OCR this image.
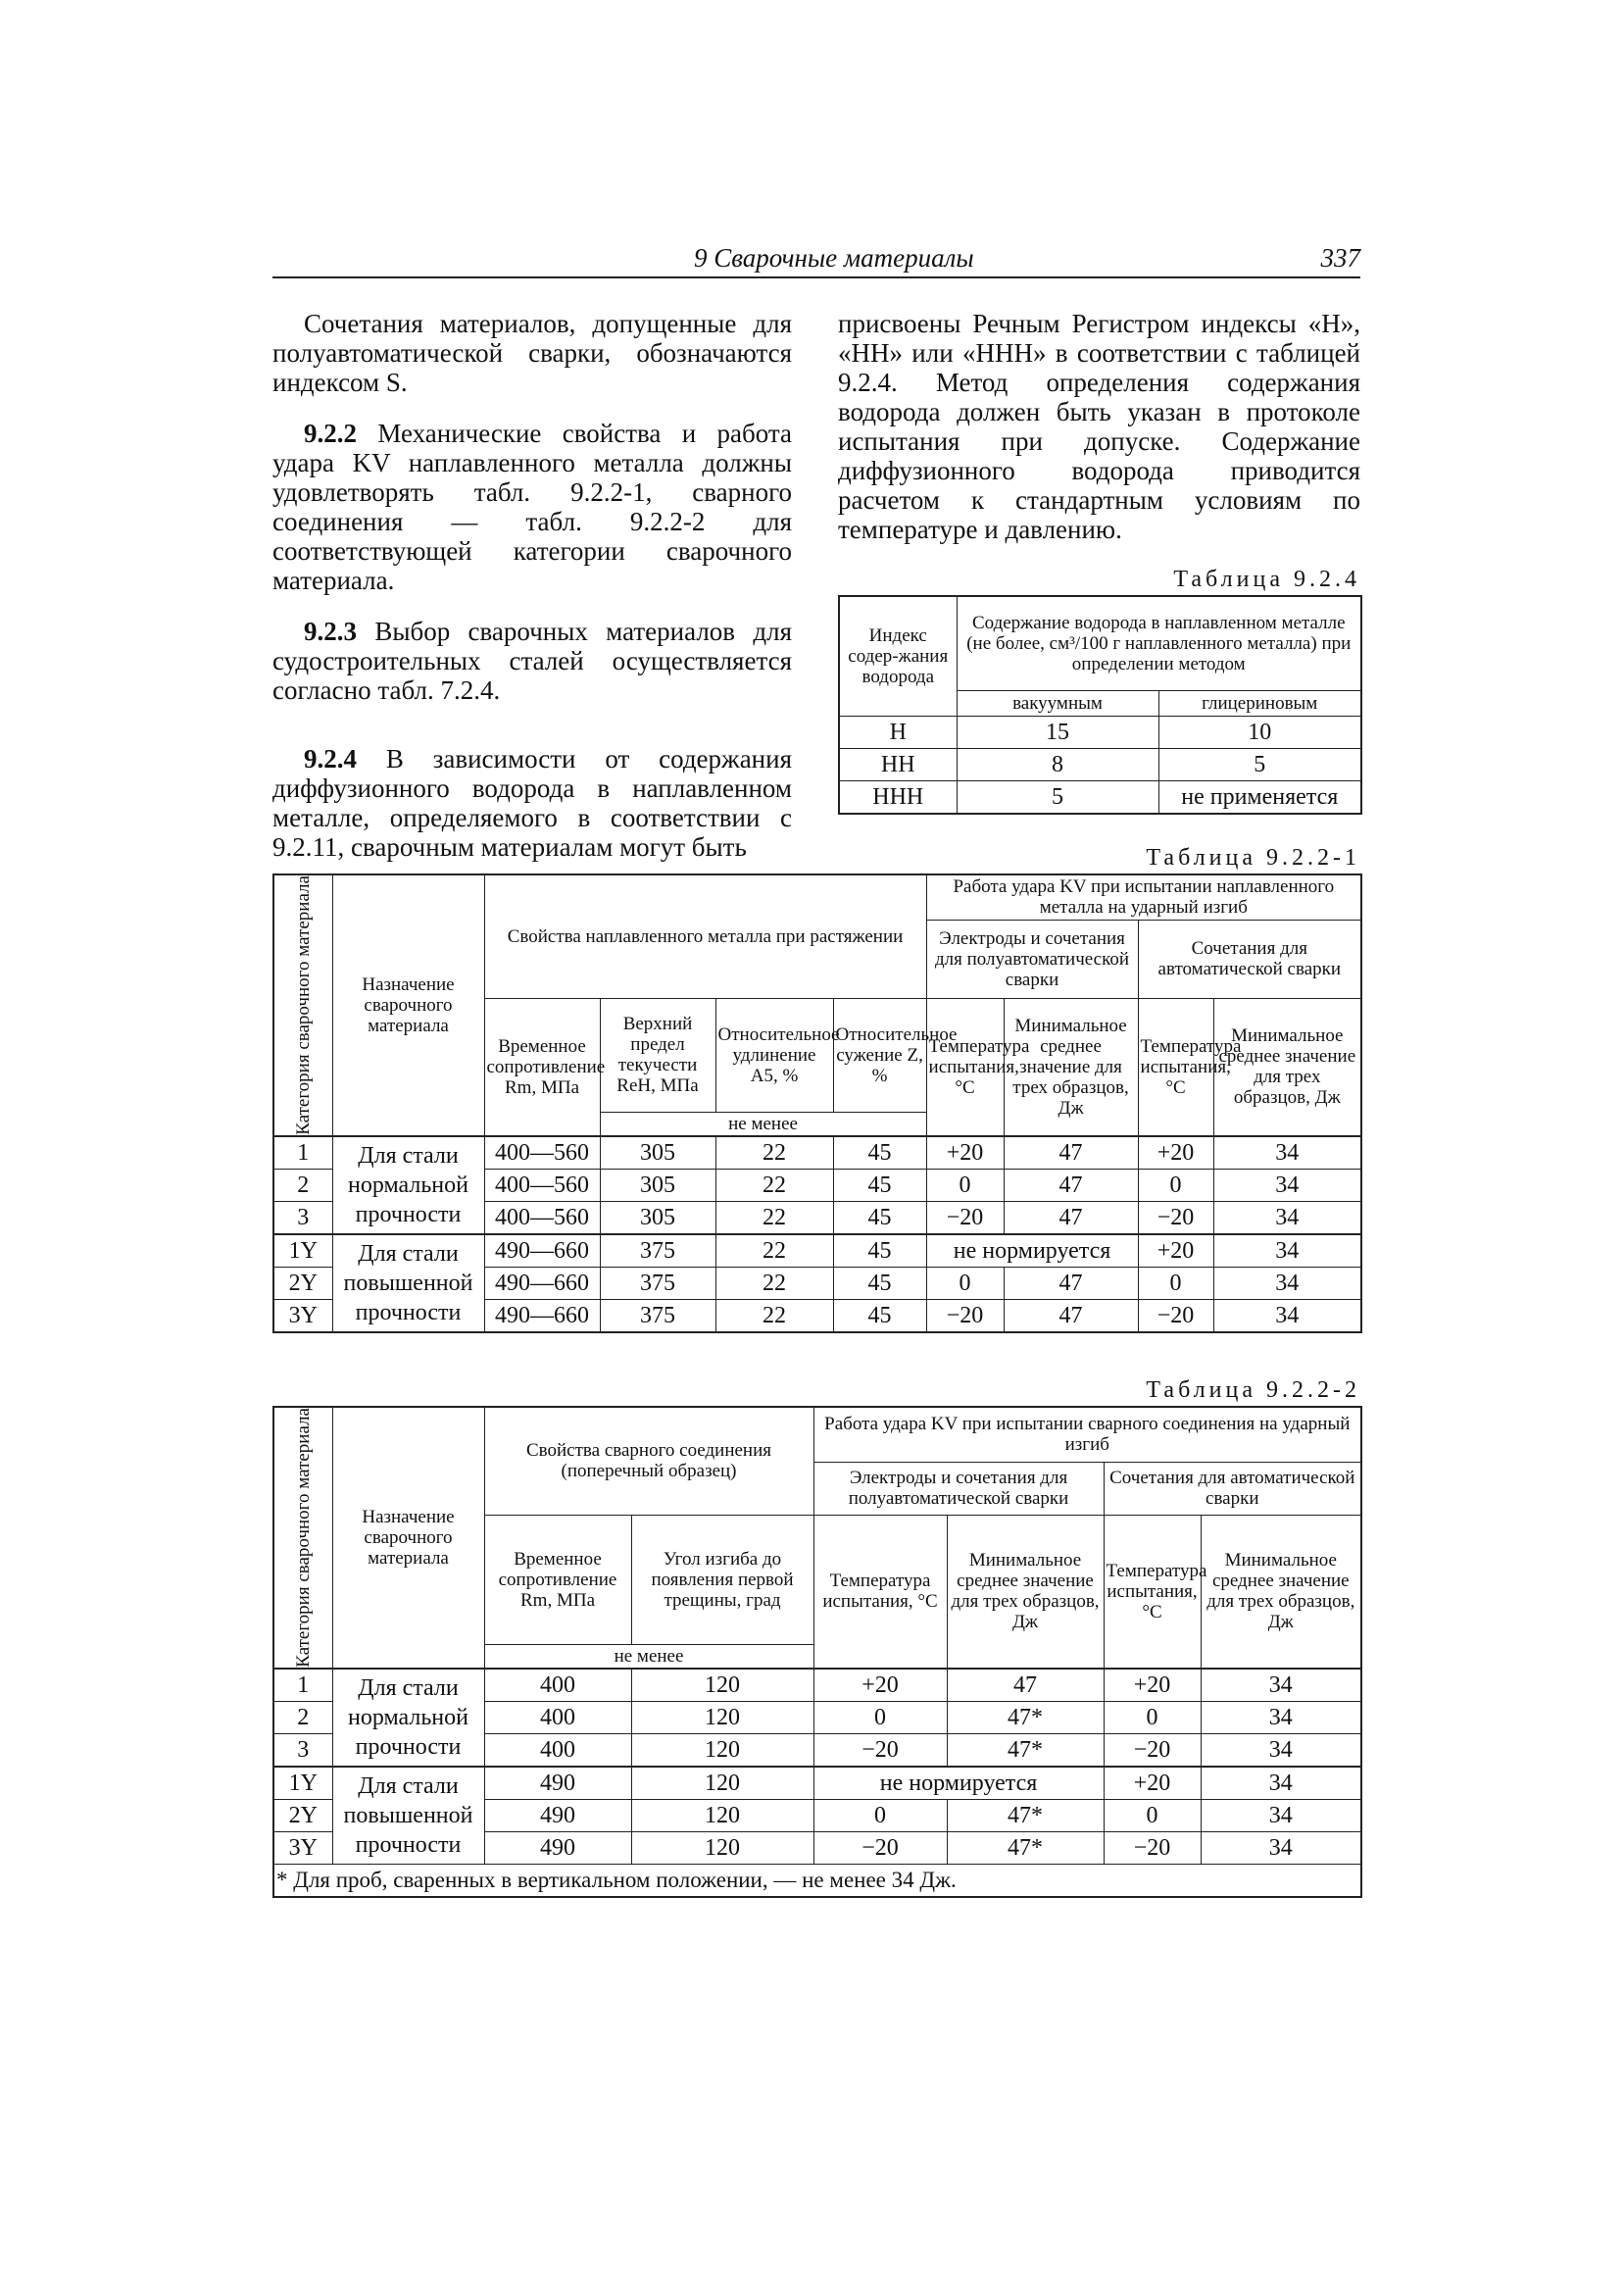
9 Сварочные материалы	337

Сочетания материалов, допущенные для полуавтоматической сварки, обозначаются индексом S.

9.2.2 Механические свойства и работа удара KV наплавленного металла должны удовлетворять табл. 9.2.2-1, сварного соединения — табл. 9.2.2-2 для соответствующей категории сварочного материала.

9.2.3 Выбор сварочных материалов для судостроительных сталей осуществляется согласно табл. 7.2.4.

9.2.4 В зависимости от содержания диффузионного водорода в наплавленном металле, определяемого в соответствии с 9.2.11, сварочным материалам могут быть

присвоены Речным Регистром индексы «Н», «НН» или «ННН» в соответствии с таблицей 9.2.4. Метод определения содержания водорода должен быть указан в протоколе испытания при допуске. Содержание диффузионного водорода приводится расчетом к стандартным условиям по температуре и давлению.

Таблица 9.2.4
Индекс содер-жания водорода	Содержание водорода в наплавленном металле (не более, см³/100 г наплавленного металла) при определении методом	
	вакуумным	глицериновым
Н	15	10
НН	8	5
ННН	5	не применяется
Таблица 9.2.2-1
Категория сварочного материала	Назначение сварочного материала	Свойства наплавленного металла при растяжении				Работа удара KV при испытании наплавленного металла на ударный изгиб			
						Электроды и сочетания для полуавтоматической сварки		Сочетания для автоматической сварки	
		Временное сопротивление Rm, МПа	Верхний предел текучести ReH, МПа	Относительное удлинение A5, %	Относительное сужение Z, %	Температура испытания, °С	Минимальное среднее значение для трех образцов, Дж	Температура испытания, °С	Минимальное среднее значение для трех образцов, Дж
			не менее						
1	Для стали нормальной прочности	400—560	305	22	45	+20	47	+20	34
2		400—560	305	22	45	0	47	0	34
3		400—560	305	22	45	−20	47	−20	34
1Y	Для стали повышенной прочности	490—660	375	22	45	не нормируется		+20	34
2Y		490—660	375	22	45	0	47	0	34
3Y		490—660	375	22	45	−20	47	−20	34
Таблица 9.2.2-2
Категория сварочного материала	Назначение сварочного материала	Свойства сварного соединения (поперечный образец)		Работа удара KV при испытании сварного соединения на ударный изгиб			
				Электроды и сочетания для полуавтоматической сварки		Сочетания для автоматической сварки	
		Временное сопротивление Rm, МПа	Угол изгиба до появления первой трещины, град	Температура испытания, °С	Минимальное среднее значение для трех образцов, Дж	Температура испытания, °С	Минимальное среднее значение для трех образцов, Дж
		не менее					
1	Для стали нормальной прочности	400	120	+20	47	+20	34
2		400	120	0	47*	0	34
3		400	120	−20	47*	−20	34
1Y	Для стали повышенной прочности	490	120	не нормируется		+20	34
2Y		490	120	0	47*	0	34
3Y		490	120	−20	47*	−20	34
* Для проб, сваренных в вертикальном положении, — не менее 34 Дж.							
